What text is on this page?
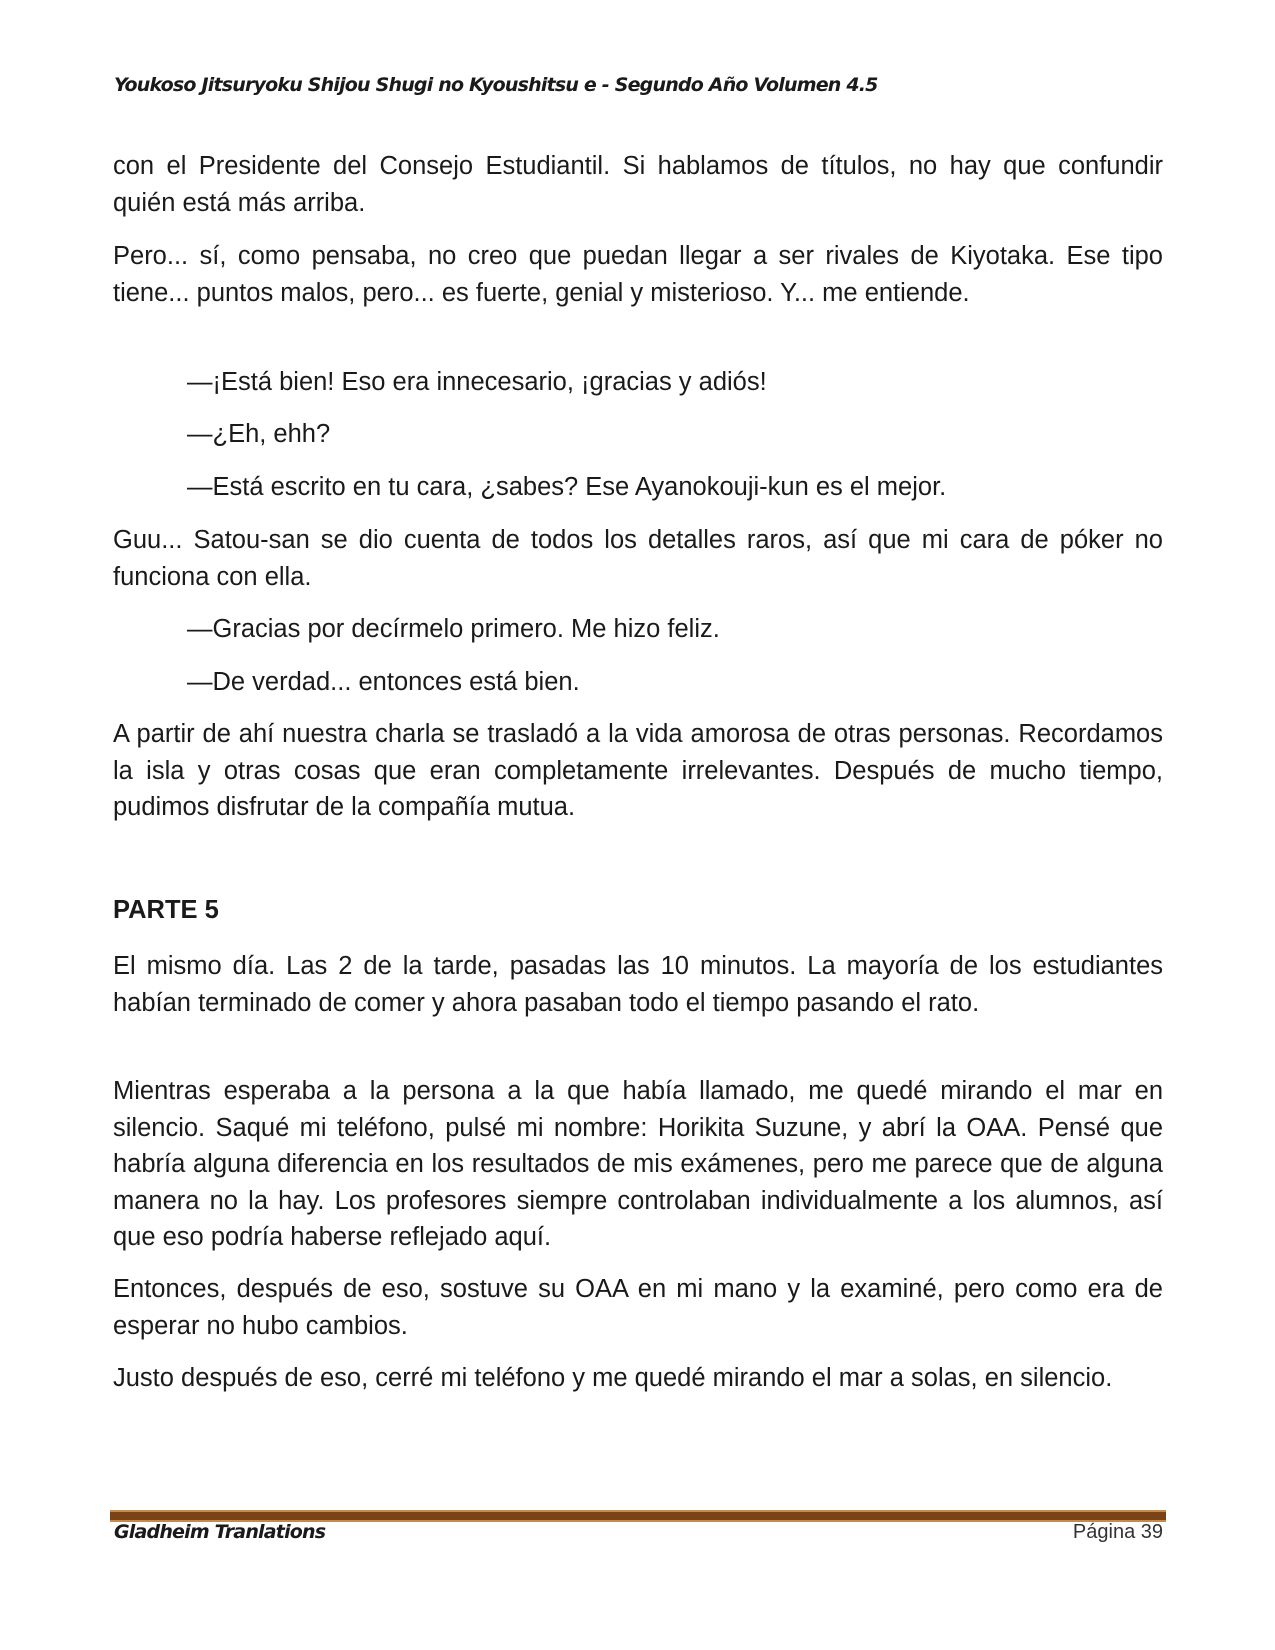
Youkoso Jitsuryoku Shijou Shugi no Kyoushitsu e - Segundo Año Volumen 4.5

con el Presidente del Consejo Estudiantil. Si hablamos de títulos, no hay que confundir quién está más arriba.

Pero... sí, como pensaba, no creo que puedan llegar a ser rivales de Kiyotaka. Ese tipo tiene... puntos malos, pero... es fuerte, genial y misterioso. Y... me entiende.

—¡Está bien! Eso era innecesario, ¡gracias y adiós!

—¿Eh, ehh?

—Está escrito en tu cara, ¿sabes? Ese Ayanokouji-kun es el mejor.

Guu... Satou-san se dio cuenta de todos los detalles raros, así que mi cara de póker no funciona con ella.

—Gracias por decírmelo primero. Me hizo feliz.

—De verdad... entonces está bien.

A partir de ahí nuestra charla se trasladó a la vida amorosa de otras personas. Recordamos la isla y otras cosas que eran completamente irrelevantes. Después de mucho tiempo, pudimos disfrutar de la compañía mutua.

PARTE 5

El mismo día. Las 2 de la tarde, pasadas las 10 minutos. La mayoría de los estudiantes habían terminado de comer y ahora pasaban todo el tiempo pasando el rato.

Mientras esperaba a la persona a la que había llamado, me quedé mirando el mar en silencio. Saqué mi teléfono, pulsé mi nombre: Horikita Suzune, y abrí la OAA. Pensé que habría alguna diferencia en los resultados de mis exámenes, pero me parece que de alguna manera no la hay. Los profesores siempre controlaban individualmente a los alumnos, así que eso podría haberse reflejado aquí.

Entonces, después de eso, sostuve su OAA en mi mano y la examiné, pero como era de esperar no hubo cambios.

Justo después de eso, cerré mi teléfono y me quedé mirando el mar a solas, en silencio.

Gladheim Tranlations	Página 39
